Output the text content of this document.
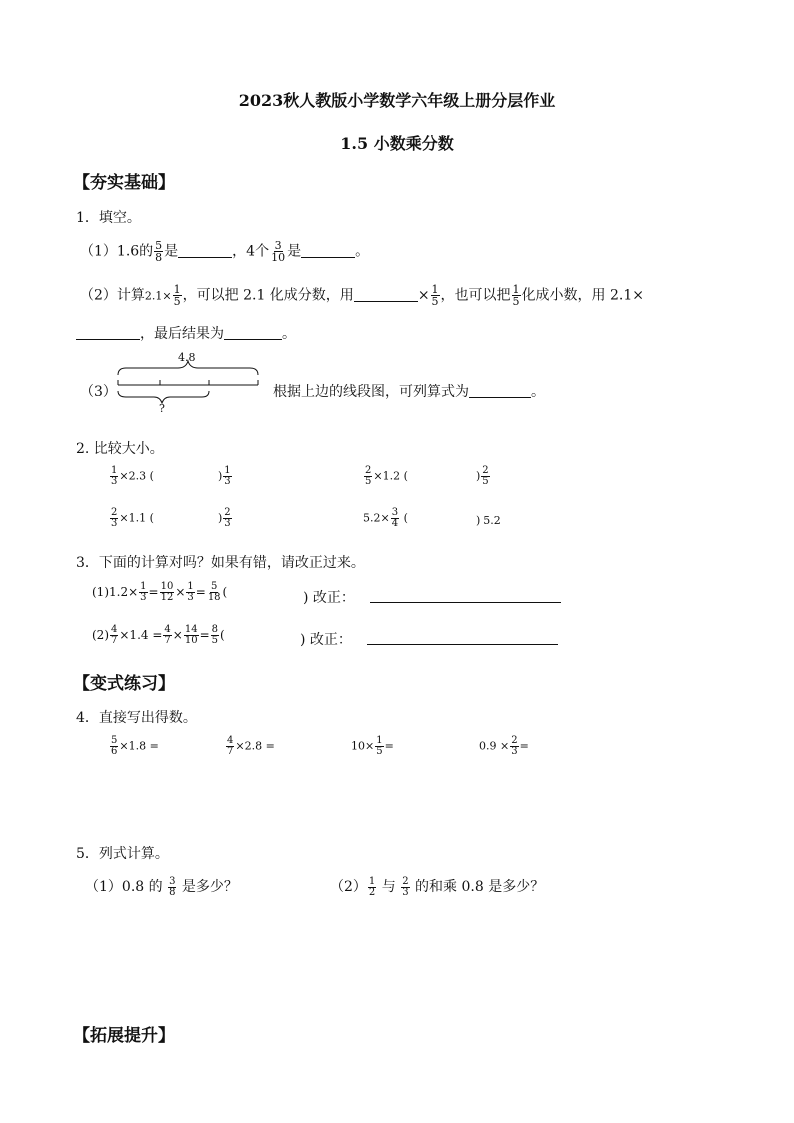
2023秋人教版小学数学六年级上册分层作业
1.5 小数乘分数
【夯实基础】
1．填空。
（1）1.6的 $\frac{5}{8}$ 是	，4个 $\frac{3}{10}$ 是	。
（2）计算$2.1\times \frac{1}{5}$ ，可以把 2.1 化成分数，用	× $\frac{1}{5}$ ，也可以把 $\frac{1}{5}$ 化成小数，用 2.1×
，最后结果为	。
（3）
4.8
?
根据上边的线段图，可列算式为	。
2. 比较大小。
$\frac{1}{3} \times 2.3$ (	) $\frac{1}{3}$	$\frac{2}{5} \times 1.2$ (	) $\frac{2}{5}$
$\frac{2}{3} \times 1.1$ (	) $\frac{2}{3}$	$5.2\times \frac{3}{4}$ (	) 5.2
3．下面的计算对吗？如果有错，请改正过来。
$(1)1.2\times \frac{1}{3} = \frac{10}{12} \times \frac{1}{3} = \frac{5}{18}$ (	) 改正：
$(2) \frac{4}{7} \times 1.4 = \frac{4}{7} \times \frac{14}{10} = \frac{8}{5}$ (	) 改正：
【变式练习】
4．直接写出得数。
$\frac{5}{6} \times 1.8$ =	$\frac{4}{7} \times 2.8$ =	$10\times \frac{1}{5}$ =	$0.9 \times \frac{2}{3}$ =
5．列式计算。
（1）0.8 的 $\frac{3}{8}$ 是多少？	$(2) \frac{1}{2}$ 与 $\frac{2}{3}$ 的和乘 0.8 是多少？
【拓展提升】
